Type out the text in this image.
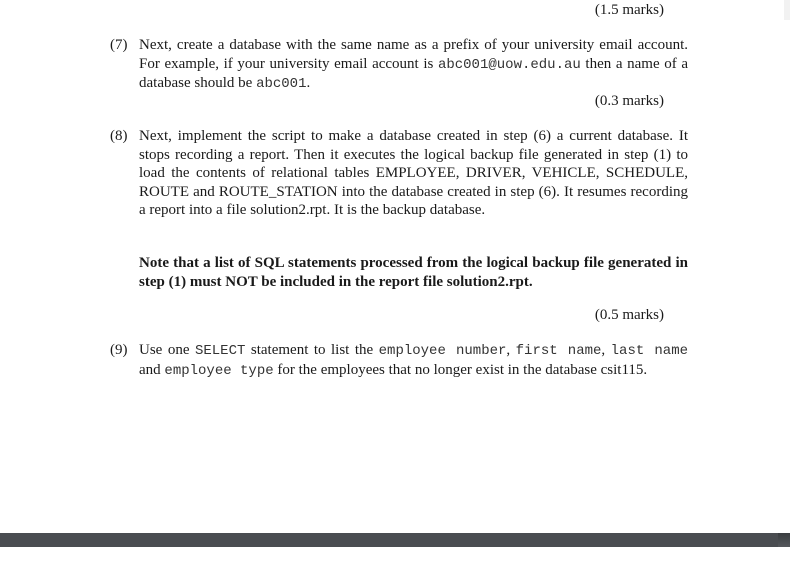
(1.5 marks)
(7) Next, create a database with the same name as a prefix of your university email account. For example, if your university email account is abc001@uow.edu.au then a name of a database should be abc001.
(0.3 marks)
(8) Next, implement the script to make a database created in step (6) a current database. It stops recording a report. Then it executes the logical backup file generated in step (1) to load the contents of relational tables EMPLOYEE, DRIVER, VEHICLE, SCHEDULE, ROUTE and ROUTE_STATION into the database created in step (6). It resumes recording a report into a file solution2.rpt. It is the backup database.
Note that a list of SQL statements processed from the logical backup file generated in step (1) must NOT be included in the report file solution2.rpt.
(0.5 marks)
(9) Use one SELECT statement to list the employee number, first name, last name and employee type for the employees that no longer exist in the database csit115.
